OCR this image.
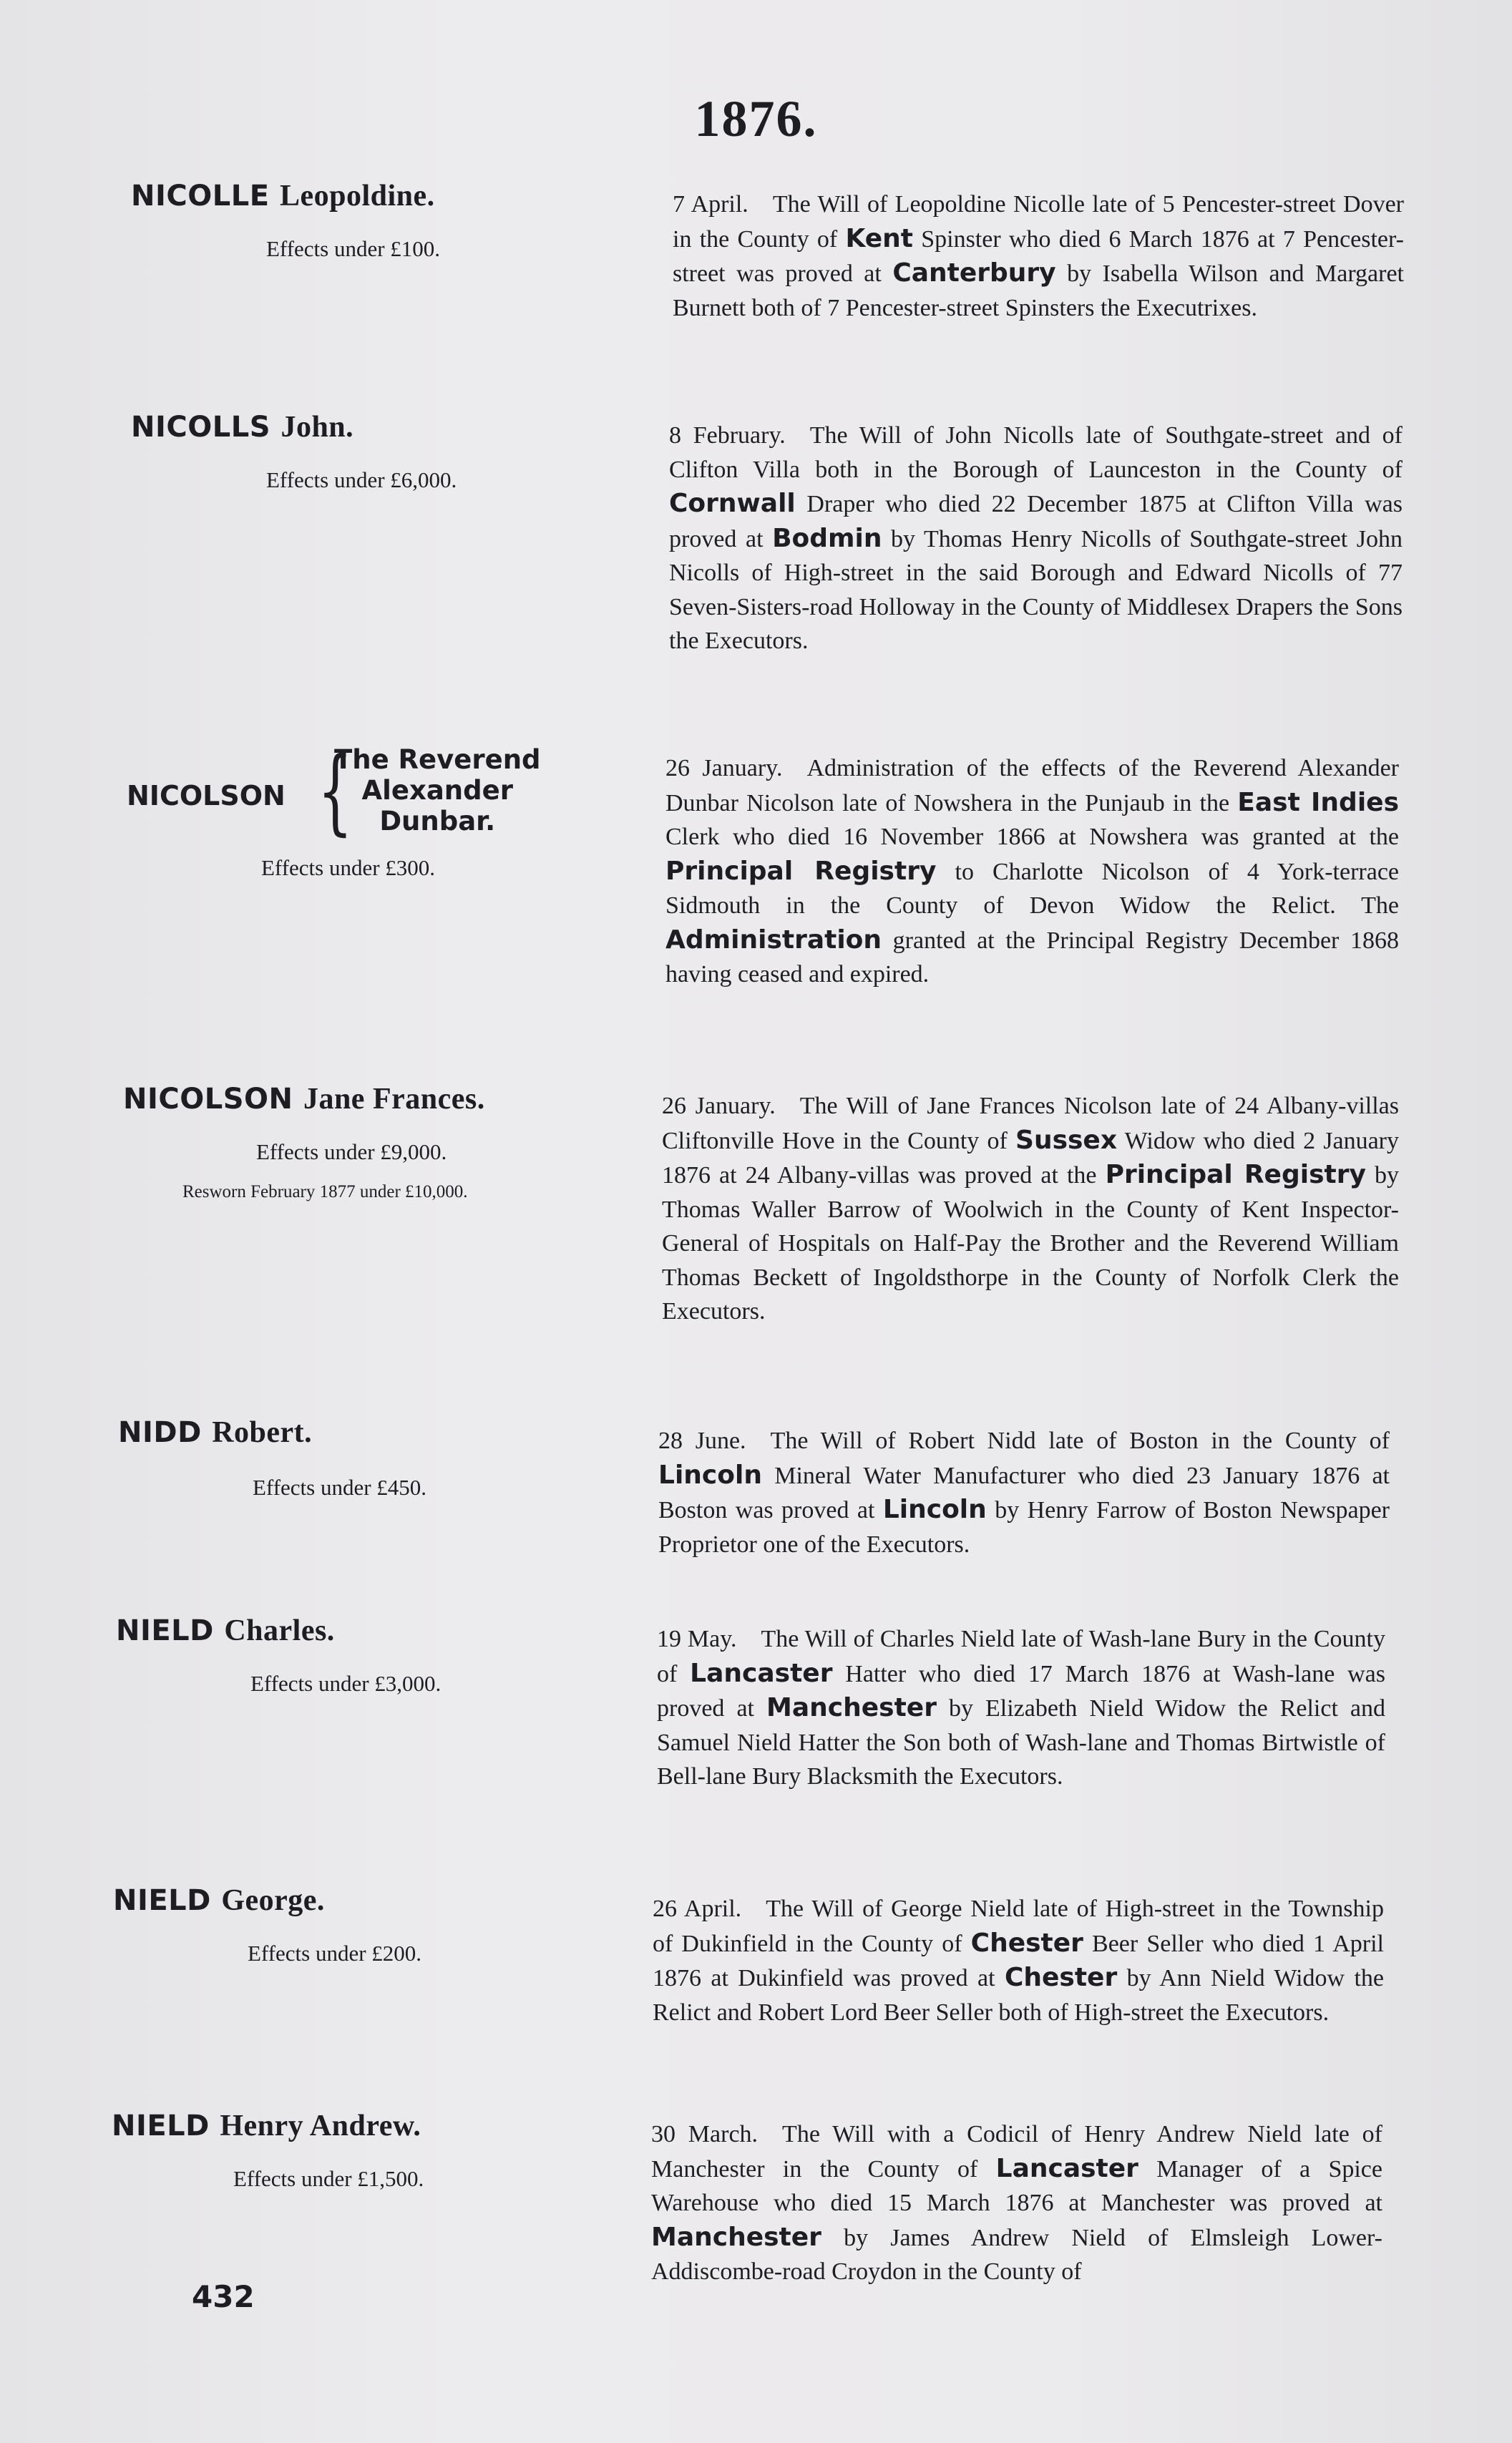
1876.
NICOLLE Leopoldine.
Effects under £100.
7 April. The Will of Leopoldine Nicolle late of 5 Pencester-street Dover in the County of Kent Spinster who died 6 March 1876 at 7 Pencester-street was proved at Canterbury by Isabella Wilson and Margaret Burnett both of 7 Pencester-street Spinsters the Executrixes.
NICOLLS John.
Effects under £6,000.
8 February. The Will of John Nicolls late of Southgate-street and of Clifton Villa both in the Borough of Launceston in the County of Cornwall Draper who died 22 December 1875 at Clifton Villa was proved at Bodmin by Thomas Henry Nicolls of Southgate-street John Nicolls of High-street in the said Borough and Edward Nicolls of 77 Seven-Sisters-road Holloway in the County of Middlesex Drapers the Sons the Executors.
NICOLSON {
The Reverend
Alexander
Dunbar.
Effects under £300.
26 January. Administration of the effects of the Reverend Alexander Dunbar Nicolson late of Nowshera in the Punjaub in the East Indies Clerk who died 16 November 1866 at Nowshera was granted at the Principal Registry to Charlotte Nicolson of 4 York-terrace Sidmouth in the County of Devon Widow the Relict. The Administration granted at the Principal Registry December 1868 having ceased and expired.
NICOLSON Jane Frances.
Effects under £9,000.
Resworn February 1877 under £10,000.
26 January. The Will of Jane Frances Nicolson late of 24 Albany-villas Cliftonville Hove in the County of Sussex Widow who died 2 January 1876 at 24 Albany-villas was proved at the Principal Registry by Thomas Waller Barrow of Woolwich in the County of Kent Inspector-General of Hospitals on Half-Pay the Brother and the Reverend William Thomas Beckett of Ingoldsthorpe in the County of Norfolk Clerk the Executors.
NIDD Robert.
Effects under £450.
28 June. The Will of Robert Nidd late of Boston in the County of Lincoln Mineral Water Manufacturer who died 23 January 1876 at Boston was proved at Lincoln by Henry Farrow of Boston Newspaper Proprietor one of the Executors.
NIELD Charles.
Effects under £3,000.
19 May. The Will of Charles Nield late of Wash-lane Bury in the County of Lancaster Hatter who died 17 March 1876 at Wash-lane was proved at Manchester by Elizabeth Nield Widow the Relict and Samuel Nield Hatter the Son both of Wash-lane and Thomas Birtwistle of Bell-lane Bury Blacksmith the Executors.
NIELD George.
Effects under £200.
26 April. The Will of George Nield late of High-street in the Township of Dukinfield in the County of Chester Beer Seller who died 1 April 1876 at Dukinfield was proved at Chester by Ann Nield Widow the Relict and Robert Lord Beer Seller both of High-street the Executors.
NIELD Henry Andrew.
Effects under £1,500.
30 March. The Will with a Codicil of Henry Andrew Nield late of Manchester in the County of Lancaster Manager of a Spice Warehouse who died 15 March 1876 at Manchester was proved at Manchester by James Andrew Nield of Elmsleigh Lower-Addiscombe-road Croydon in the County of
432
